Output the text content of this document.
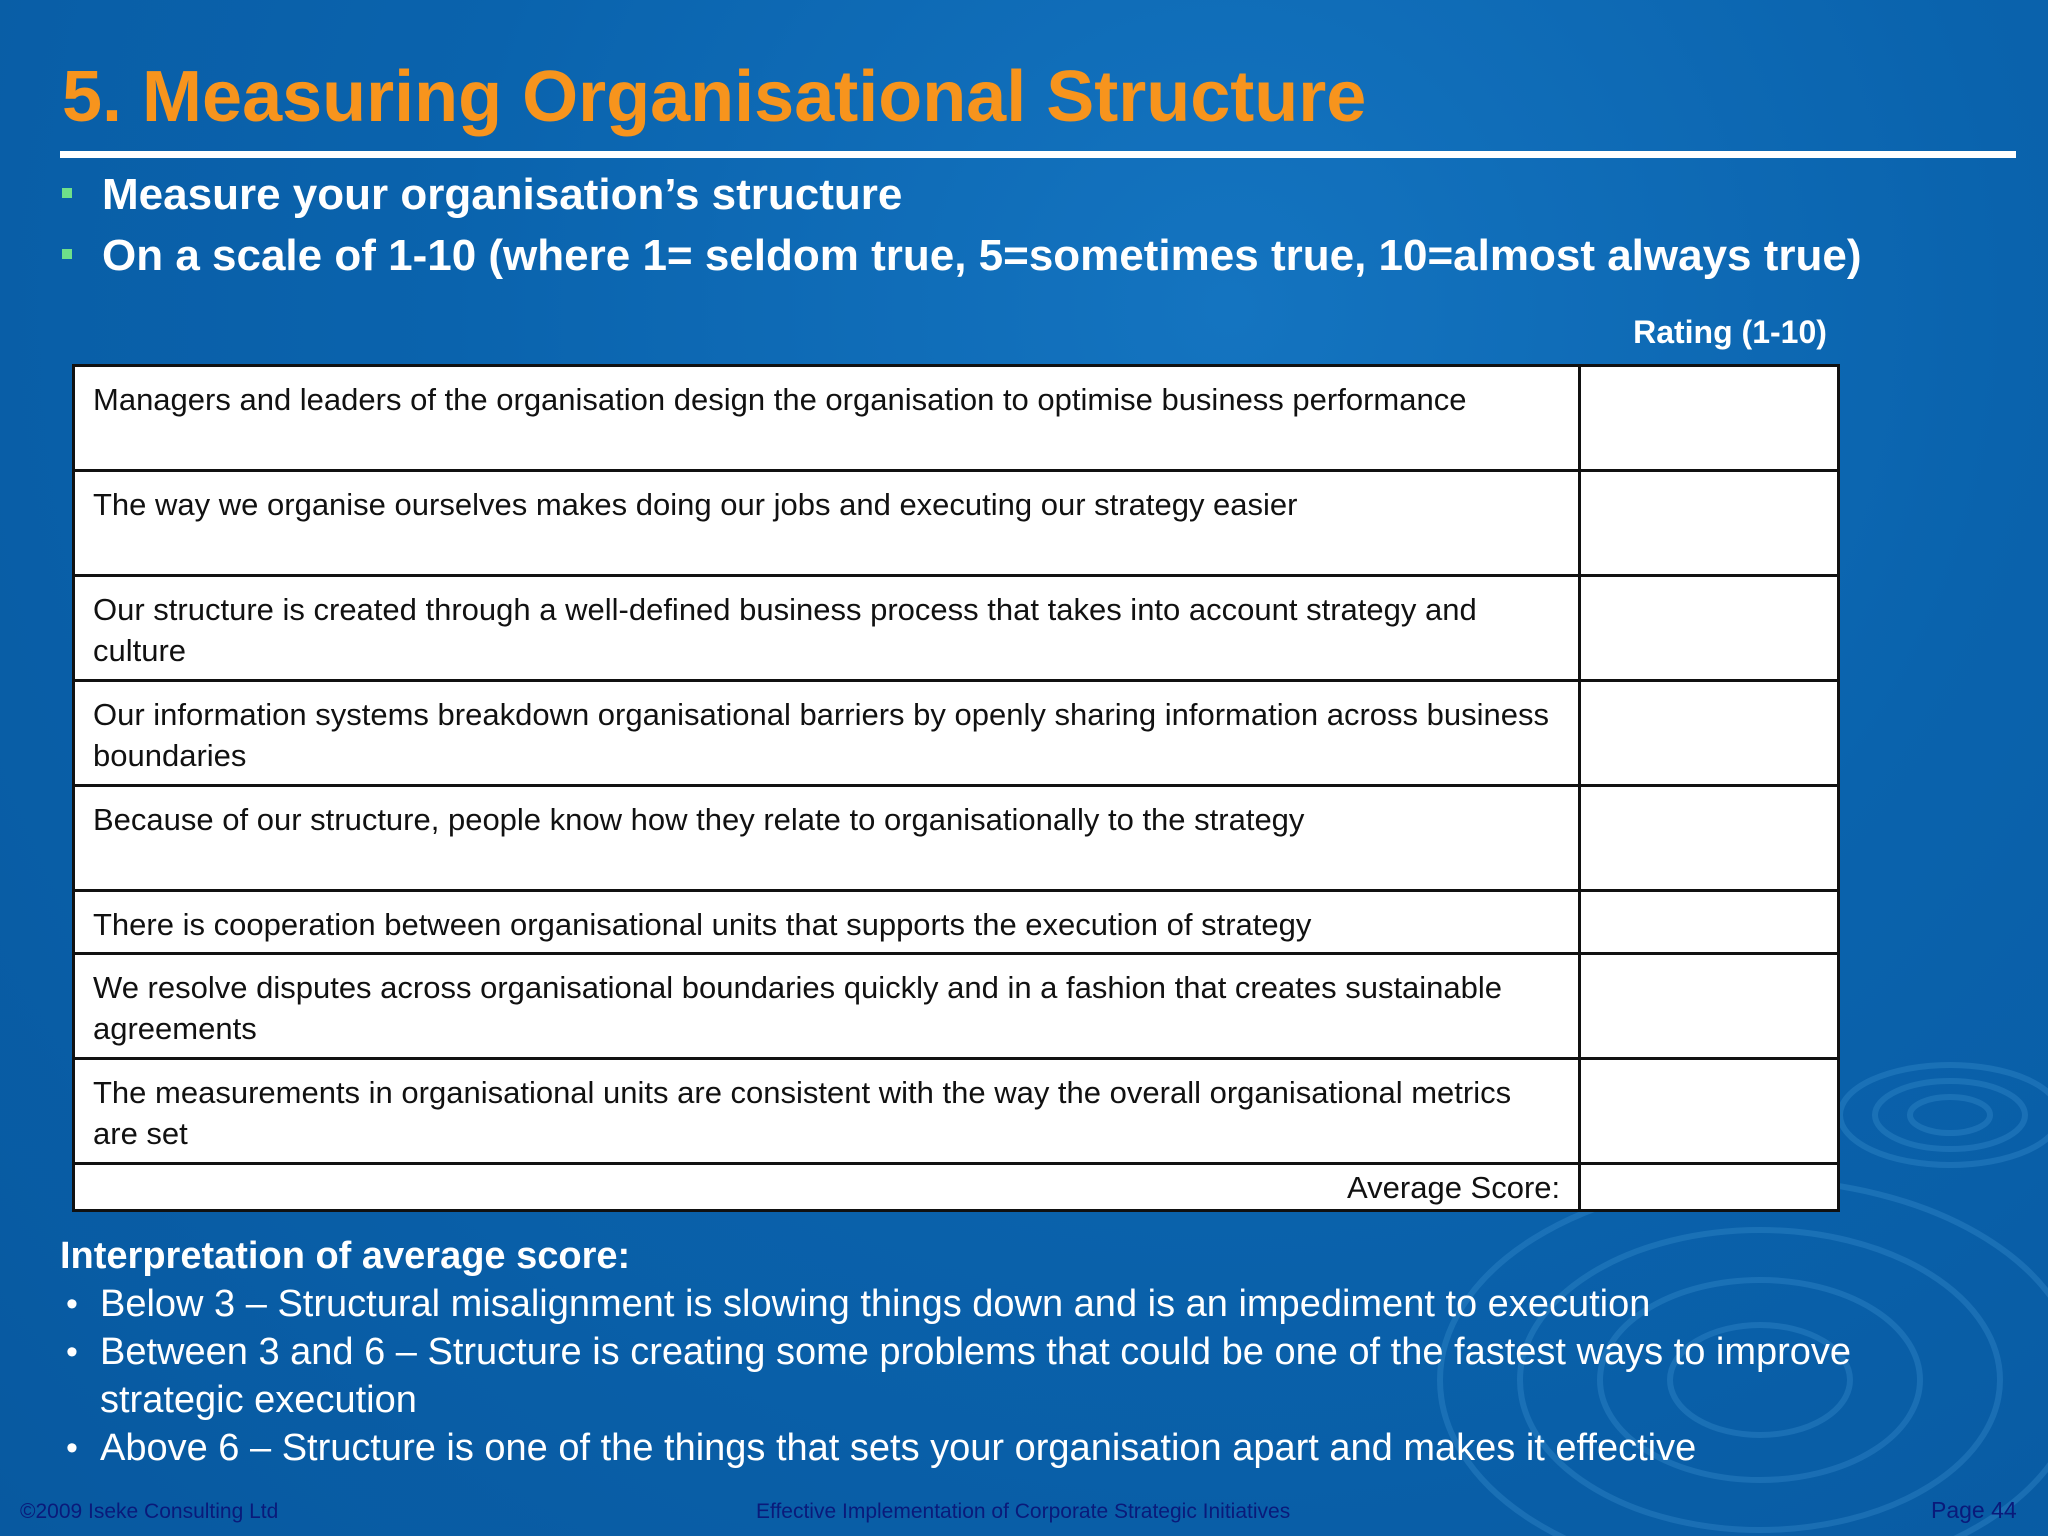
5. Measuring Organisational Structure
Measure your organisation’s structure
On a scale of 1-10 (where 1= seldom true, 5=sometimes true, 10=almost always true)
Rating (1-10)
Managers and leaders of the organisation design the organisation to optimise business performance	
The way we organise ourselves makes doing our jobs and executing our strategy easier	
Our structure is created through a well-defined business process that takes into account strategy and culture	
Our information systems breakdown organisational barriers by openly sharing information across business boundaries	
Because of our structure, people know how they relate to organisationally to the strategy	
There is cooperation between organisational units that supports the execution of strategy	
We resolve disputes across organisational boundaries quickly and in a fashion that creates sustainable agreements	
The measurements in organisational units are consistent with the way the overall organisational metrics are set	
Average Score:	
Interpretation of average score:
• Below 3 – Structural misalignment is slowing things down and is an impediment to execution
• Between 3 and 6 – Structure is creating some problems that could be one of the fastest ways to improve strategic execution
• Above 6 – Structure is one of the things that sets your organisation apart and makes it effective
©2009 Iseke Consulting Ltd	Effective Implementation of Corporate Strategic Initiatives	Page 44
